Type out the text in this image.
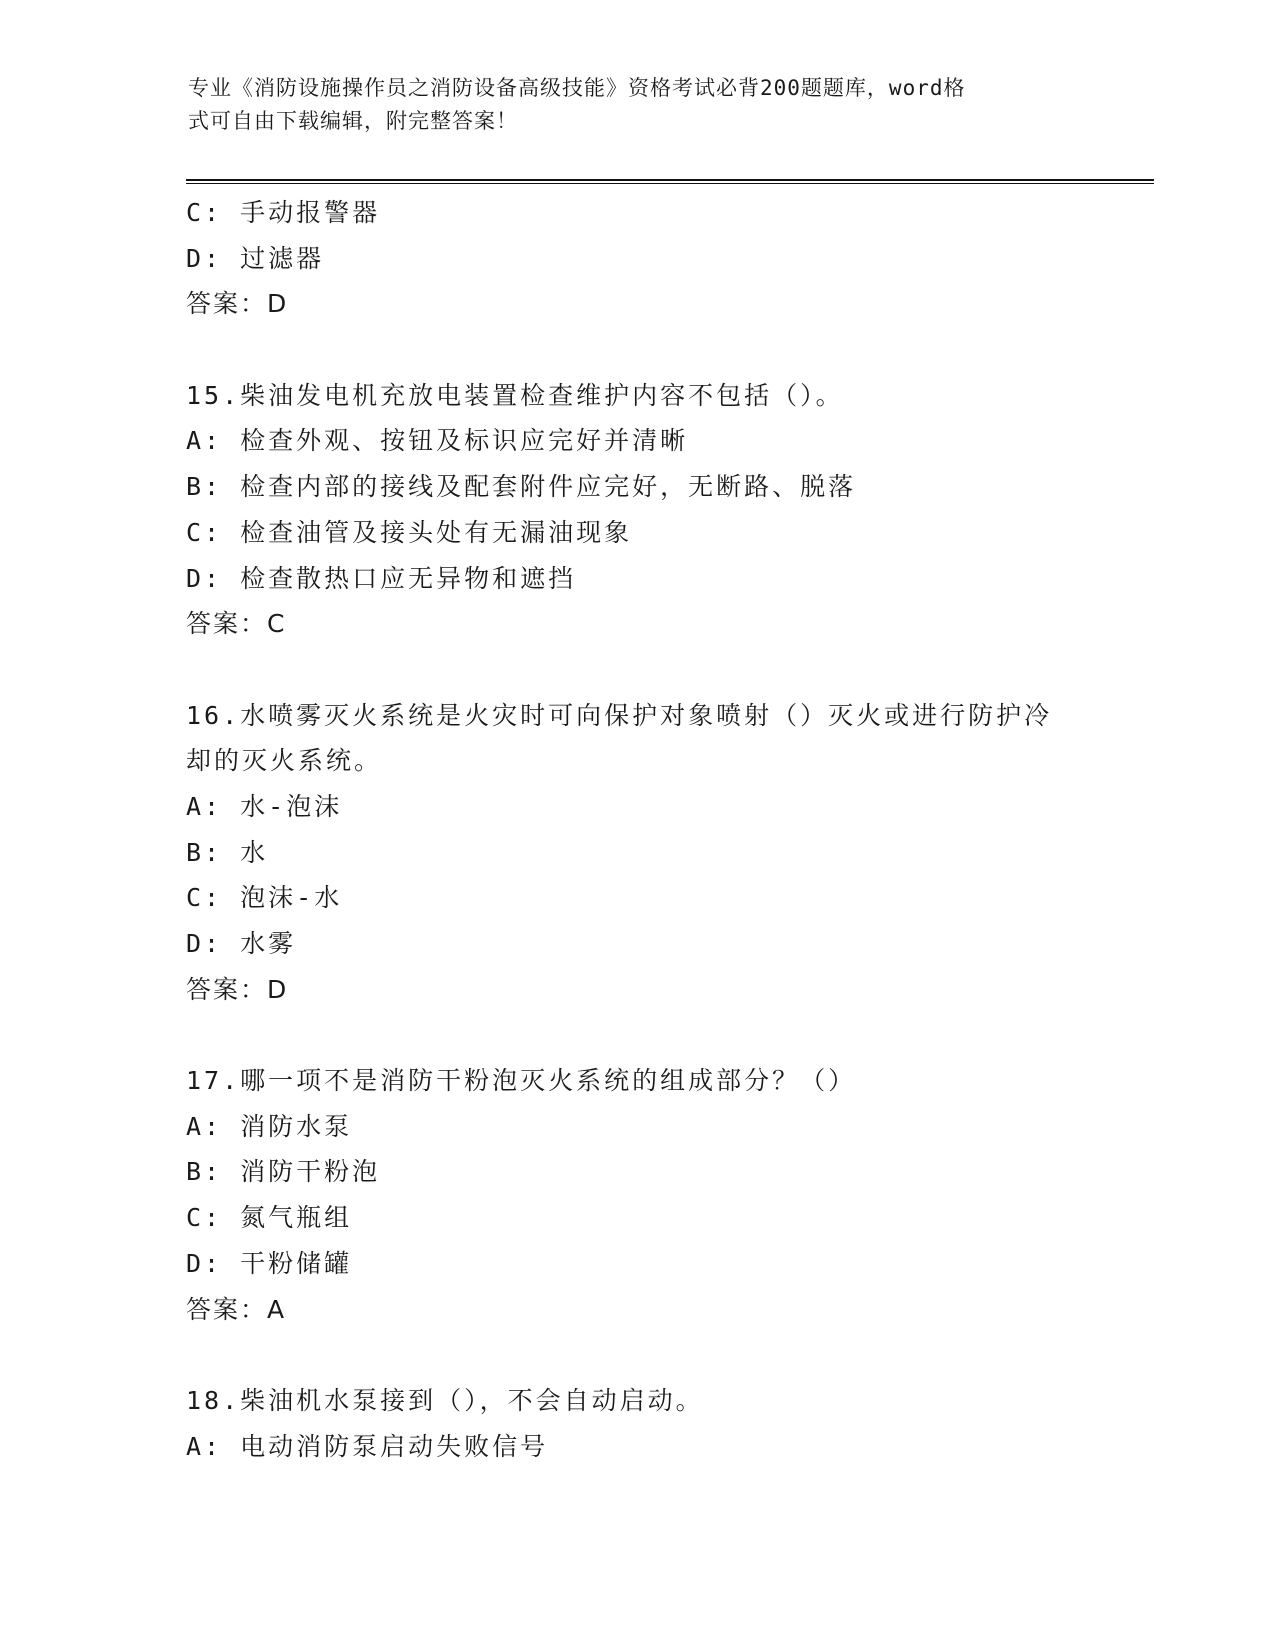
专业《消防设施操作员之消防设备高级技能》资格考试必背200题题库，word格
式可自由下载编辑，附完整答案！
C: 手动报警器
D: 过滤器
答案：D
15.柴油发电机充放电装置检查维护内容不包括（）。
A: 检查外观、按钮及标识应完好并清晰
B: 检查内部的接线及配套附件应完好，无断路、脱落
C: 检查油管及接头处有无漏油现象
D: 检查散热口应无异物和遮挡
答案：C
16.水喷雾灭火系统是火灾时可向保护对象喷射（）灭火或进行防护冷
却的灭火系统。
A: 水-泡沫
B: 水
C: 泡沫-水
D: 水雾
答案：D
17.哪一项不是消防干粉泡灭火系统的组成部分？（）
A: 消防水泵
B: 消防干粉泡
C: 氮气瓶组
D: 干粉储罐
答案：A
18.柴油机水泵接到（），不会自动启动。
A: 电动消防泵启动失败信号
